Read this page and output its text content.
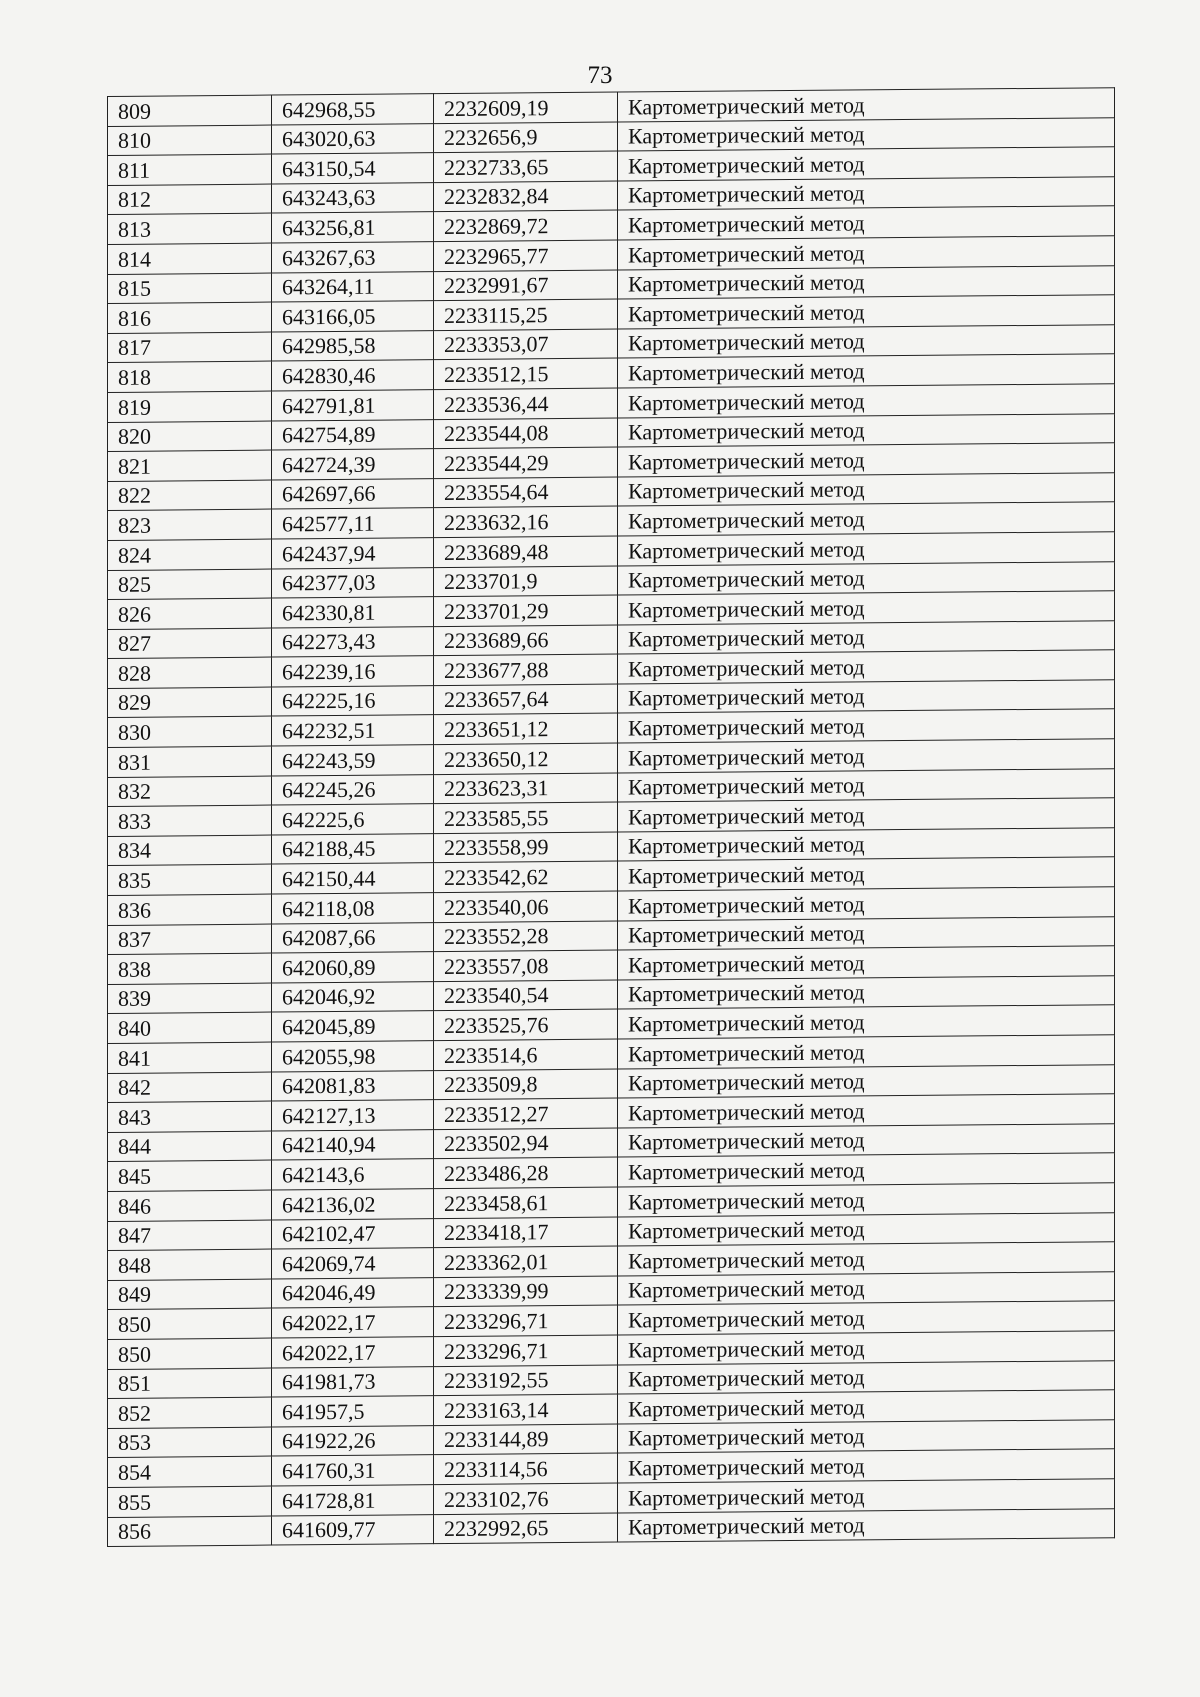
73
809	642968,55	2232609,19	Картометрический метод
810	643020,63	2232656,9	Картометрический метод
811	643150,54	2232733,65	Картометрический метод
812	643243,63	2232832,84	Картометрический метод
813	643256,81	2232869,72	Картометрический метод
814	643267,63	2232965,77	Картометрический метод
815	643264,11	2232991,67	Картометрический метод
816	643166,05	2233115,25	Картометрический метод
817	642985,58	2233353,07	Картометрический метод
818	642830,46	2233512,15	Картометрический метод
819	642791,81	2233536,44	Картометрический метод
820	642754,89	2233544,08	Картометрический метод
821	642724,39	2233544,29	Картометрический метод
822	642697,66	2233554,64	Картометрический метод
823	642577,11	2233632,16	Картометрический метод
824	642437,94	2233689,48	Картометрический метод
825	642377,03	2233701,9	Картометрический метод
826	642330,81	2233701,29	Картометрический метод
827	642273,43	2233689,66	Картометрический метод
828	642239,16	2233677,88	Картометрический метод
829	642225,16	2233657,64	Картометрический метод
830	642232,51	2233651,12	Картометрический метод
831	642243,59	2233650,12	Картометрический метод
832	642245,26	2233623,31	Картометрический метод
833	642225,6	2233585,55	Картометрический метод
834	642188,45	2233558,99	Картометрический метод
835	642150,44	2233542,62	Картометрический метод
836	642118,08	2233540,06	Картометрический метод
837	642087,66	2233552,28	Картометрический метод
838	642060,89	2233557,08	Картометрический метод
839	642046,92	2233540,54	Картометрический метод
840	642045,89	2233525,76	Картометрический метод
841	642055,98	2233514,6	Картометрический метод
842	642081,83	2233509,8	Картометрический метод
843	642127,13	2233512,27	Картометрический метод
844	642140,94	2233502,94	Картометрический метод
845	642143,6	2233486,28	Картометрический метод
846	642136,02	2233458,61	Картометрический метод
847	642102,47	2233418,17	Картометрический метод
848	642069,74	2233362,01	Картометрический метод
849	642046,49	2233339,99	Картометрический метод
850	642022,17	2233296,71	Картометрический метод
850	642022,17	2233296,71	Картометрический метод
851	641981,73	2233192,55	Картометрический метод
852	641957,5	2233163,14	Картометрический метод
853	641922,26	2233144,89	Картометрический метод
854	641760,31	2233114,56	Картометрический метод
855	641728,81	2233102,76	Картометрический метод
856	641609,77	2232992,65	Картометрический метод
